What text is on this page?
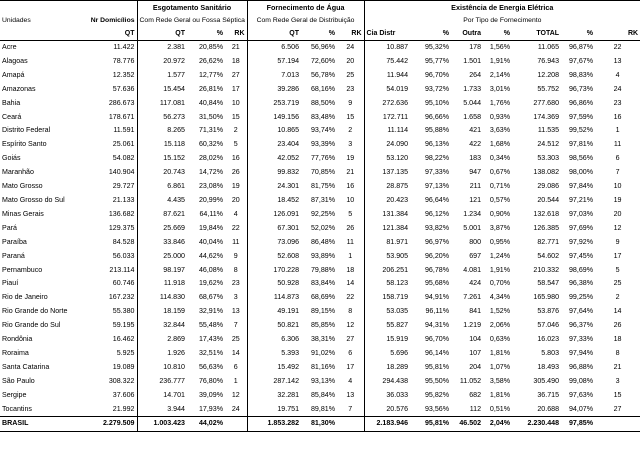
		Esgotamento Sanitário			Fornecimento de Água			Existência de Energia Elétrica						
Unidades	Nr Domicílios	Com Rede Geral ou Fossa Séptica			Com Rede Geral de Distribuição			Por Tipo de Fornecimento						
	QT	QT	%	RK	QT	%	RK	Cia Distr	%	Outra	%	TOTAL	%	RK
Acre	11.422	2.381	20,85%	21	6.506	56,96%	24	10.887	95,32%	178	1,56%	11.065	96,87%	22
Alagoas	78.776	20.972	26,62%	18	57.194	72,60%	20	75.442	95,77%	1.501	1,91%	76.943	97,67%	13
Amapá	12.352	1.577	12,77%	27	7.013	56,78%	25	11.944	96,70%	264	2,14%	12.208	98,83%	4
Amazonas	57.636	15.454	26,81%	17	39.286	68,16%	23	54.019	93,72%	1.733	3,01%	55.752	96,73%	24
Bahia	286.673	117.081	40,84%	10	253.719	88,50%	9	272.636	95,10%	5.044	1,76%	277.680	96,86%	23
Ceará	178.671	56.273	31,50%	15	149.156	83,48%	15	172.711	96,66%	1.658	0,93%	174.369	97,59%	16
Distrito Federal	11.591	8.265	71,31%	2	10.865	93,74%	2	11.114	95,88%	421	3,63%	11.535	99,52%	1
Espírito Santo	25.061	15.118	60,32%	5	23.404	93,39%	3	24.090	96,13%	422	1,68%	24.512	97,81%	11
Goiás	54.082	15.152	28,02%	16	42.052	77,76%	19	53.120	98,22%	183	0,34%	53.303	98,56%	6
Maranhão	140.904	20.743	14,72%	26	99.832	70,85%	21	137.135	97,33%	947	0,67%	138.082	98,00%	7
Mato Grosso	29.727	6.861	23,08%	19	24.301	81,75%	16	28.875	97,13%	211	0,71%	29.086	97,84%	10
Mato Grosso do Sul	21.133	4.435	20,99%	20	18.452	87,31%	10	20.423	96,64%	121	0,57%	20.544	97,21%	19
Minas Gerais	136.682	87.621	64,11%	4	126.091	92,25%	5	131.384	96,12%	1.234	0,90%	132.618	97,03%	20
Pará	129.375	25.669	19,84%	22	67.301	52,02%	26	121.384	93,82%	5.001	3,87%	126.385	97,69%	12
Paraíba	84.528	33.846	40,04%	11	73.096	86,48%	11	81.971	96,97%	800	0,95%	82.771	97,92%	9
Paraná	56.033	25.000	44,62%	9	52.608	93,89%	1	53.905	96,20%	697	1,24%	54.602	97,45%	17
Pernambuco	213.114	98.197	46,08%	8	170.228	79,88%	18	206.251	96,78%	4.081	1,91%	210.332	98,69%	5
Piauí	60.746	11.918	19,62%	23	50.928	83,84%	14	58.123	95,68%	424	0,70%	58.547	96,38%	25
Rio de Janeiro	167.232	114.830	68,67%	3	114.873	68,69%	22	158.719	94,91%	7.261	4,34%	165.980	99,25%	2
Rio Grande do Norte	55.380	18.159	32,91%	13	49.191	89,15%	8	53.035	96,11%	841	1,52%	53.876	97,64%	14
Rio Grande do Sul	59.195	32.844	55,48%	7	50.821	85,85%	12	55.827	94,31%	1.219	2,06%	57.046	96,37%	26
Rondônia	16.462	2.869	17,43%	25	6.306	38,31%	27	15.919	96,70%	104	0,63%	16.023	97,33%	18
Roraima	5.925	1.926	32,51%	14	5.393	91,02%	6	5.696	96,14%	107	1,81%	5.803	97,94%	8
Santa Catarina	19.089	10.810	56,63%	6	15.492	81,16%	17	18.289	95,81%	204	1,07%	18.493	96,88%	21
São Paulo	308.322	236.777	76,80%	1	287.142	93,13%	4	294.438	95,50%	11.052	3,58%	305.490	99,08%	3
Sergipe	37.606	14.701	39,09%	12	32.281	85,84%	13	36.033	95,82%	682	1,81%	36.715	97,63%	15
Tocantins	21.992	3.944	17,93%	24	19.751	89,81%	7	20.576	93,56%	112	0,51%	20.688	94,07%	27
BRASIL	2.279.509	1.003.423	44,02%		1.853.282	81,30%		2.183.946	95,81%	46.502	2,04%	2.230.448	97,85%	
